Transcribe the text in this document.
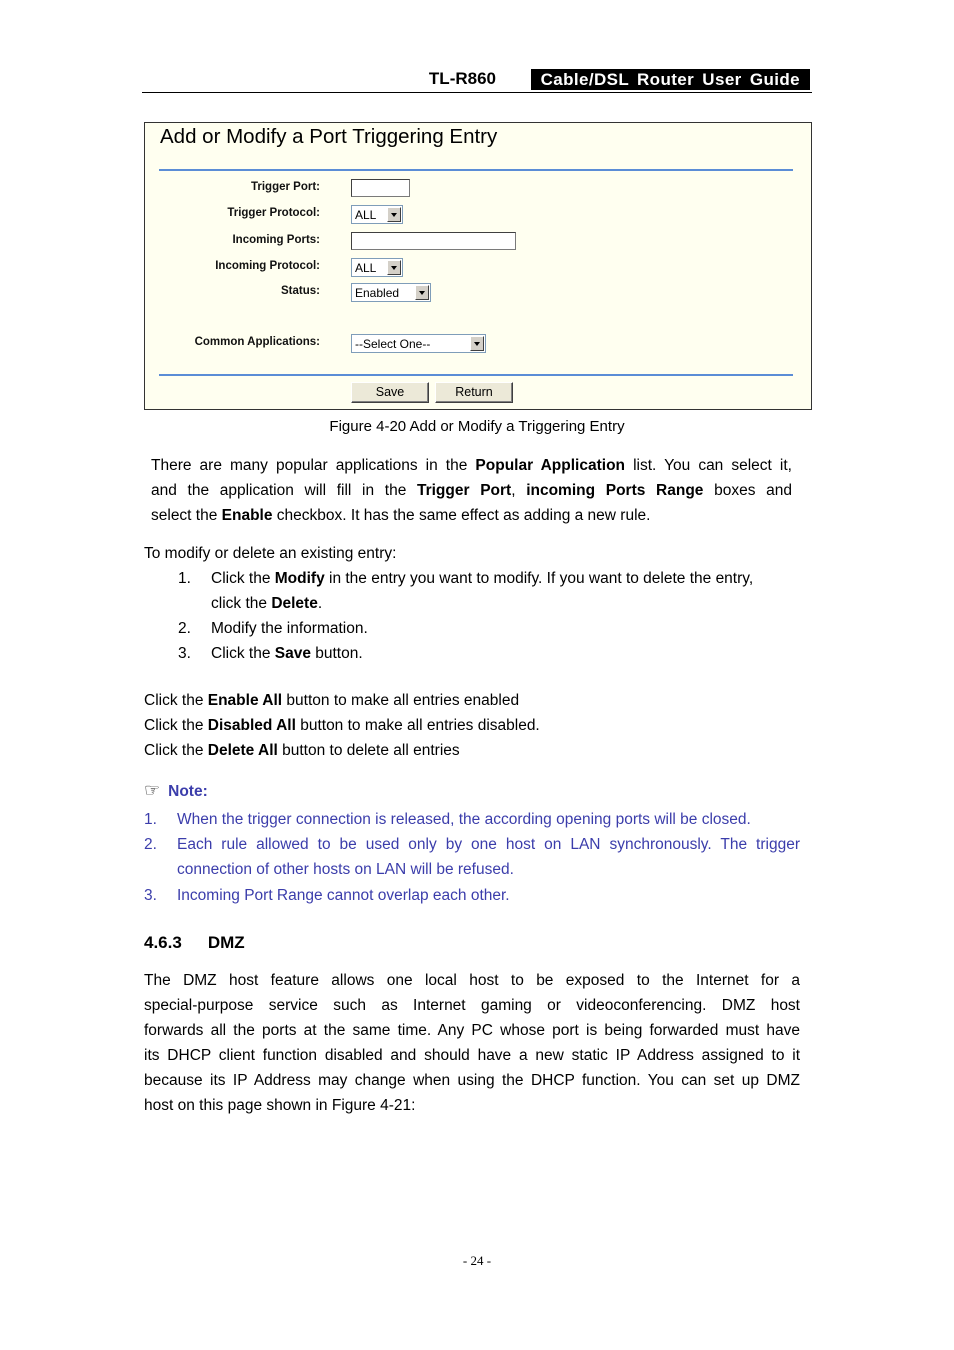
TL-R860	Cable/DSL Router User Guide
Add or Modify a Port Triggering Entry
Trigger Port:
Trigger Protocol:	ALL
Incoming Ports:
Incoming Protocol:	ALL
Status:	Enabled
Common Applications:	--Select One--
Save	Return
Figure 4-20 Add or Modify a Triggering Entry
There are many popular applications in the Popular Application list. You can select it,
and the application will fill in the Trigger Port, incoming Ports Range boxes and
select the Enable checkbox. It has the same effect as adding a new rule.
To modify or delete an existing entry:
1. Click the Modify in the entry you want to modify. If you want to delete the entry,
click the Delete.
2. Modify the information.
3. Click the Save button.
Click the Enable All button to make all entries enabled
Click the Disabled All button to make all entries disabled.
Click the Delete All button to delete all entries
☞ Note:
1. When the trigger connection is released, the according opening ports will be closed.
2. Each rule allowed to be used only by one host on LAN synchronously. The trigger
connection of other hosts on LAN will be refused.
3. Incoming Port Range cannot overlap each other.
4.6.3 DMZ
The DMZ host feature allows one local host to be exposed to the Internet for a
special-purpose service such as Internet gaming or videoconferencing. DMZ host
forwards all the ports at the same time. Any PC whose port is being forwarded must have
its DHCP client function disabled and should have a new static IP Address assigned to it
because its IP Address may change when using the DHCP function. You can set up DMZ
host on this page shown in Figure 4-21:
- 24 -
